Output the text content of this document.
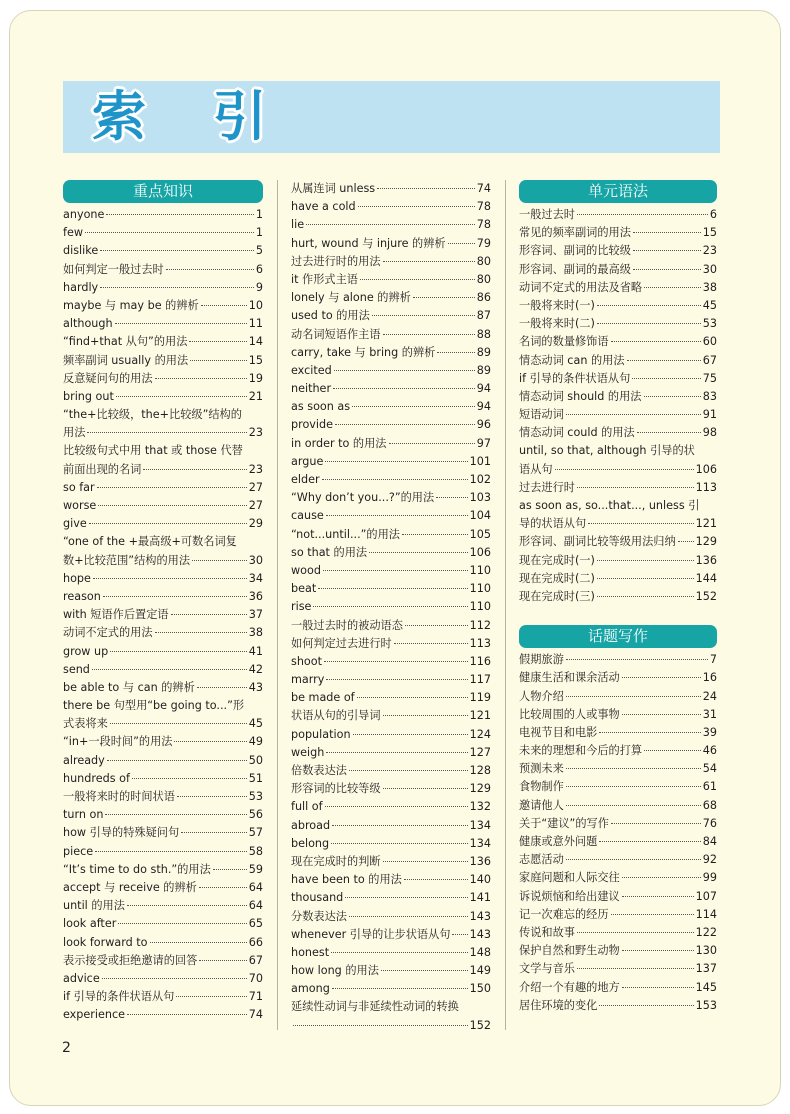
索 引
重点知识
anyone	1
few	1
dislike	5
如何判定一般过去时	6
hardly	9
maybe 与 may be 的辨析	10
although	11
“find+that 从句”的用法	14
频率副词 usually 的用法	15
反意疑问句的用法	19
bring out	21
“the+比较级，the+比较级”结构的
用法	23
比较级句式中用 that 或 those 代替
前面出现的名词	23
so far	27
worse	27
give	29
“one of the +最高级+可数名词复
数+比较范围”结构的用法	30
hope	34
reason	36
with 短语作后置定语	37
动词不定式的用法	38
grow up	41
send	42
be able to 与 can 的辨析	43
there be 句型用“be going to...”形
式表将来	45
“in+一段时间”的用法	49
already	50
hundreds of	51
一般将来时的时间状语	53
turn on	56
how 引导的特殊疑问句	57
piece	58
“It’s time to do sth.”的用法	59
accept 与 receive 的辨析	64
until 的用法	64
look after	65
look forward to	66
表示接受或拒绝邀请的回答	67
advice	70
if 引导的条件状语从句	71
experience	74
从属连词 unless	74
have a cold	78
lie	78
hurt, wound 与 injure 的辨析	79
过去进行时的用法	80
it 作形式主语	80
lonely 与 alone 的辨析	86
used to 的用法	87
动名词短语作主语	88
carry, take 与 bring 的辨析	89
excited	89
neither	94
as soon as	94
provide	96
in order to 的用法	97
argue	101
elder	102
“Why don’t you...?”的用法	103
cause	104
“not...until...”的用法	105
so that 的用法	106
wood	110
beat	110
rise	110
一般过去时的被动语态	112
如何判定过去进行时	113
shoot	116
marry	117
be made of	119
状语从句的引导词	121
population	124
weigh	127
倍数表达法	128
形容词的比较等级	129
full of	132
abroad	134
belong	134
现在完成时的判断	136
have been to 的用法	140
thousand	141
分数表达法	143
whenever 引导的让步状语从句 143
honest	148
how long 的用法	149
among	150
延续性动词与非延续性动词的转换
152
单元语法
一般过去时	6
常见的频率副词的用法	15
形容词、副词的比较级	23
形容词、副词的最高级	30
动词不定式的用法及省略	38
一般将来时(一)	45
一般将来时(二)	53
名词的数量修饰语	60
情态动词 can 的用法	67
if 引导的条件状语从句	75
情态动词 should 的用法	83
短语动词	91
情态动词 could 的用法	98
until, so that, although 引导的状
语从句	106
过去进行时	113
as soon as, so...that..., unless 引
导的状语从句	121
形容词、副词比较等级用法归纳 129
现在完成时(一)	136
现在完成时(二)	144
现在完成时(三)	152
话题写作
假期旅游	7
健康生活和课余活动	16
人物介绍	24
比较周围的人或事物	31
电视节目和电影	39
未来的理想和今后的打算	46
预测未来	54
食物制作	61
邀请他人	68
关于“建议”的写作	76
健康或意外问题	84
志愿活动	92
家庭问题和人际交往	99
诉说烦恼和给出建议	107
记一次难忘的经历	114
传说和故事	122
保护自然和野生动物	130
文学与音乐	137
介绍一个有趣的地方	145
居住环境的变化	153
2
